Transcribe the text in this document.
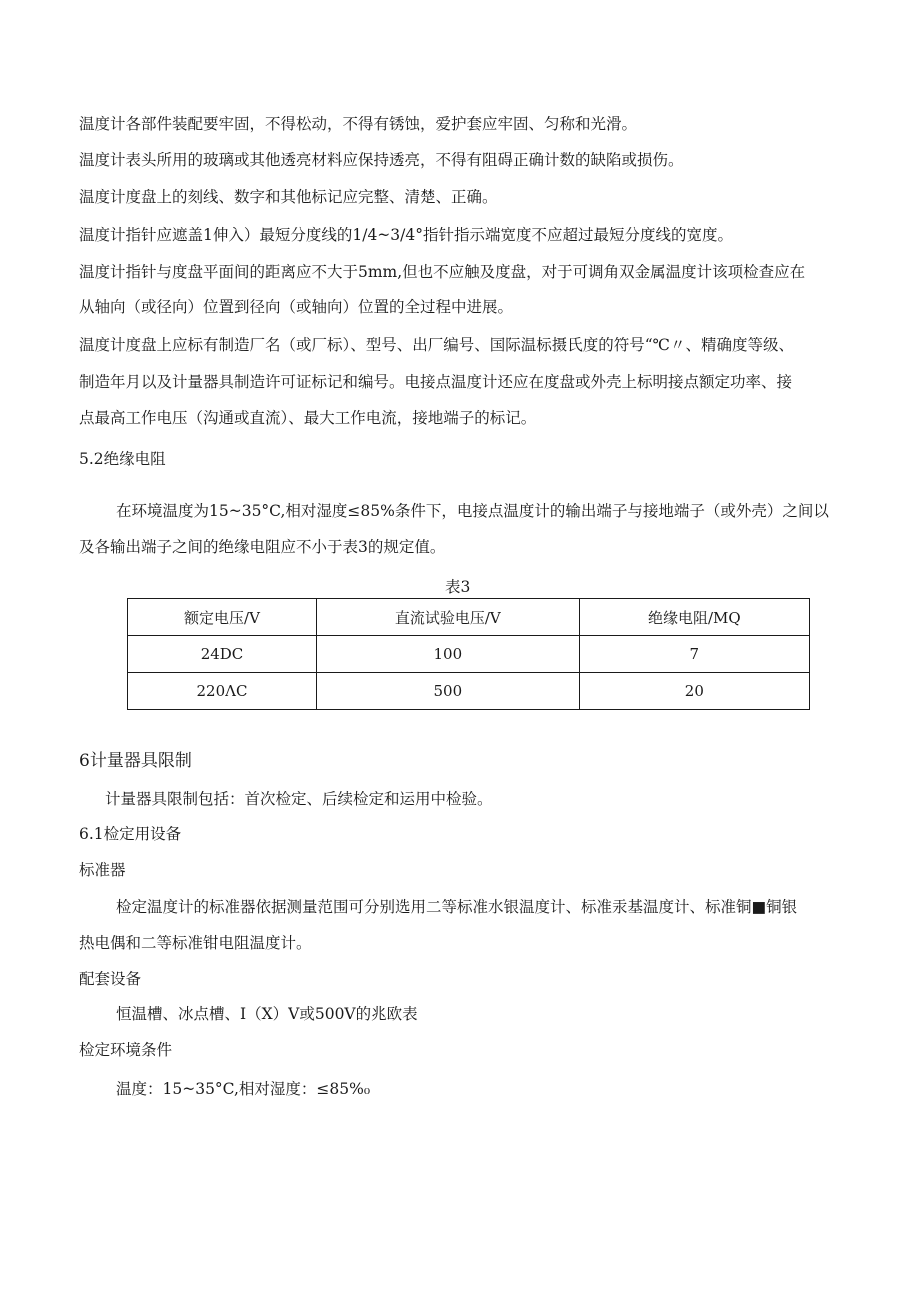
温度计各部件装配要牢固，不得松动，不得有锈蚀，爱护套应牢固、匀称和光滑。
温度计表头所用的玻璃或其他透亮材料应保持透亮，不得有阻碍正确计数的缺陷或损伤。
温度计度盘上的刻线、数字和其他标记应完整、清楚、正确。
温度计指针应遮盖1伸入）最短分度线的1/4~3/4°指针指示端宽度不应超过最短分度线的宽度。
温度计指针与度盘平面间的距离应不大于5mm,但也不应触及度盘，对于可调角双金属温度计该项检查应在
从轴向（或径向）位置到径向（或轴向）位置的全过程中进展。
温度计度盘上应标有制造厂名（或厂标）、型号、出厂编号、国际温标摄氏度的符号“℃〃、精确度等级、
制造年月以及计量器具制造许可证标记和编号。电接点温度计还应在度盘或外壳上标明接点额定功率、接
点最高工作电压（沟通或直流）、最大工作电流，接地端子的标记。
5.2绝缘电阻
在环境温度为15~35°C,相对湿度≤85%条件下，电接点温度计的输出端子与接地端子（或外壳）之间以
及各输出端子之间的绝缘电阻应不小于表3的规定值。
表3
额定电压/V	直流试验电压/V	绝缘电阻/MQ
24DC	100	7
220ΛC	500	20
6计量器具限制
计量器具限制包括：首次检定、后续检定和运用中检验。
6.1检定用设备
标准器
检定温度计的标准器依据测量范围可分别选用二等标准水银温度计、标准汞基温度计、标准铜■铜银
热电偶和二等标准钳电阻温度计。
配套设备
恒温槽、冰点槽、I（X）V或500V的兆欧表
检定环境条件
温度：15~35°C,相对湿度：≤85%₀
